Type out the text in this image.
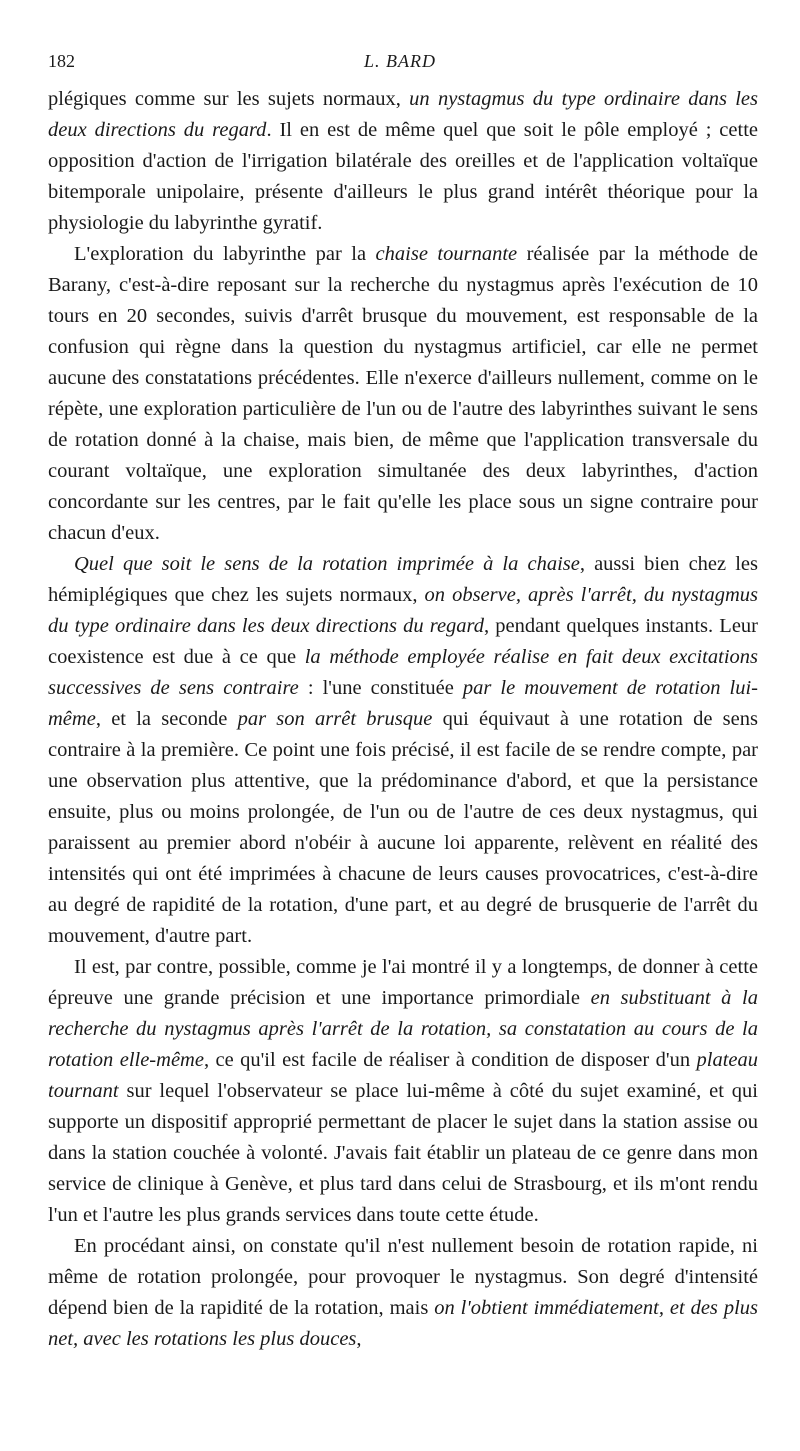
182	L. BARD

plégiques comme sur les sujets normaux, un nystagmus du type ordinaire dans les deux directions du regard. Il en est de même quel que soit le pôle employé ; cette opposition d'action de l'irrigation bilatérale des oreilles et de l'application voltaïque bitemporale unipolaire, présente d'ailleurs le plus grand intérêt théorique pour la physiologie du labyrinthe gyratif.

L'exploration du labyrinthe par la chaise tournante réalisée par la méthode de Barany, c'est-à-dire reposant sur la recherche du nystagmus après l'exécution de 10 tours en 20 secondes, suivis d'arrêt brusque du mouvement, est responsable de la confusion qui règne dans la question du nystagmus artificiel, car elle ne permet aucune des constatations précédentes. Elle n'exerce d'ailleurs nullement, comme on le répète, une exploration particulière de l'un ou de l'autre des labyrinthes suivant le sens de rotation donné à la chaise, mais bien, de même que l'application transversale du courant voltaïque, une exploration simultanée des deux labyrinthes, d'action concordante sur les centres, par le fait qu'elle les place sous un signe contraire pour chacun d'eux.

Quel que soit le sens de la rotation imprimée à la chaise, aussi bien chez les hémiplégiques que chez les sujets normaux, on observe, après l'arrêt, du nystagmus du type ordinaire dans les deux directions du regard, pendant quelques instants. Leur coexistence est due à ce que la méthode employée réalise en fait deux excitations successives de sens contraire : l'une constituée par le mouvement de rotation lui-même, et la seconde par son arrêt brusque qui équivaut à une rotation de sens contraire à la première. Ce point une fois précisé, il est facile de se rendre compte, par une observation plus attentive, que la prédominance d'abord, et que la persistance ensuite, plus ou moins prolongée, de l'un ou de l'autre de ces deux nystagmus, qui paraissent au premier abord n'obéir à aucune loi apparente, relèvent en réalité des intensités qui ont été imprimées à chacune de leurs causes provocatrices, c'est-à-dire au degré de rapidité de la rotation, d'une part, et au degré de brusquerie de l'arrêt du mouvement, d'autre part.

Il est, par contre, possible, comme je l'ai montré il y a longtemps, de donner à cette épreuve une grande précision et une importance primordiale en substituant à la recherche du nystagmus après l'arrêt de la rotation, sa constatation au cours de la rotation elle-même, ce qu'il est facile de réaliser à condition de disposer d'un plateau tournant sur lequel l'observateur se place lui-même à côté du sujet examiné, et qui supporte un dispositif approprié permettant de placer le sujet dans la station assise ou dans la station couchée à volonté. J'avais fait établir un plateau de ce genre dans mon service de clinique à Genève, et plus tard dans celui de Strasbourg, et ils m'ont rendu l'un et l'autre les plus grands services dans toute cette étude.

En procédant ainsi, on constate qu'il n'est nullement besoin de rotation rapide, ni même de rotation prolongée, pour provoquer le nystagmus. Son degré d'intensité dépend bien de la rapidité de la rotation, mais on l'obtient immédiatement, et des plus net, avec les rotations les plus douces,
